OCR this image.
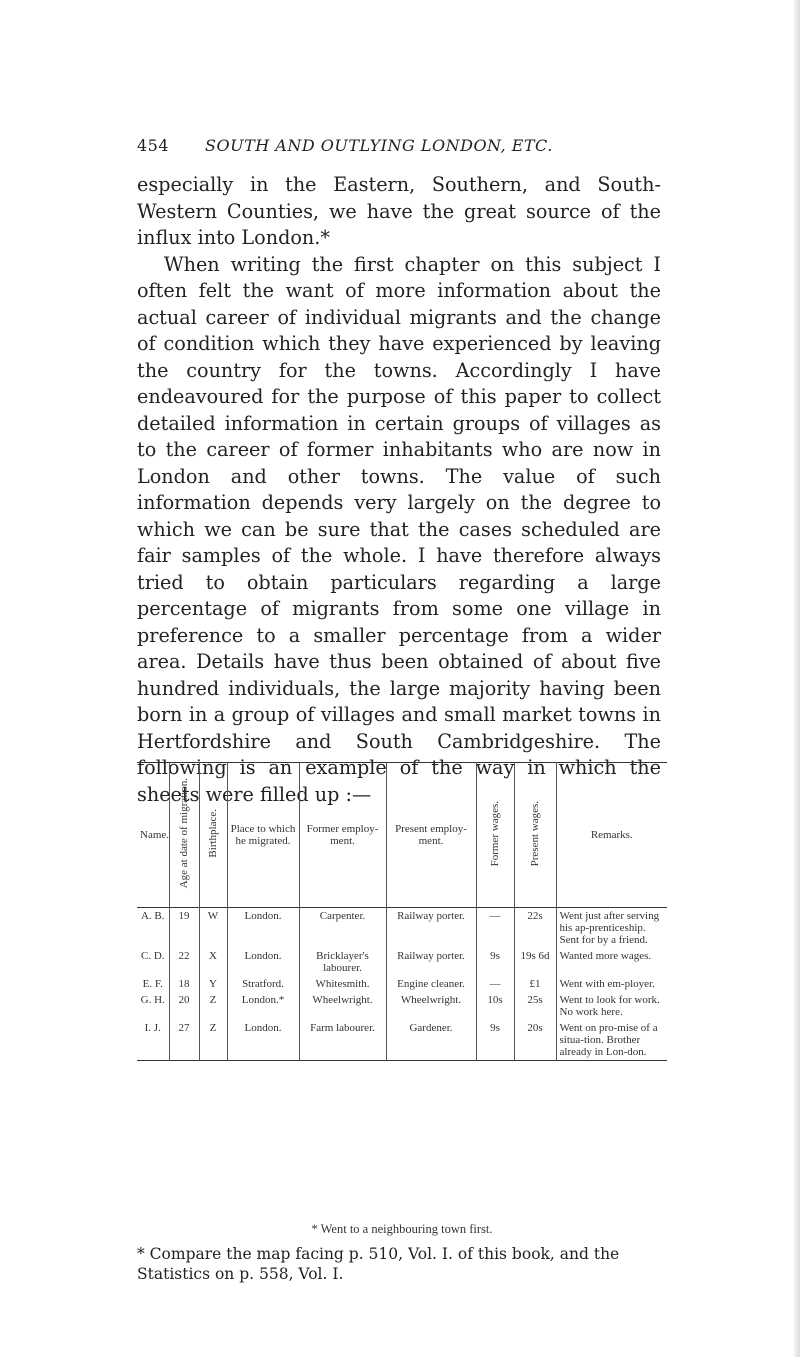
454 SOUTH AND OUTLYING LONDON, ETC.

especially in the Eastern, Southern, and South-Western Counties, we have the great source of the influx into London.*

When writing the first chapter on this subject I often felt the want of more information about the actual career of individual migrants and the change of condition which they have experienced by leaving the country for the towns. Accordingly I have endeavoured for the purpose of this paper to collect detailed information in certain groups of villages as to the career of former inhabitants who are now in London and other towns. The value of such information depends very largely on the degree to which we can be sure that the cases scheduled are fair samples of the whole. I have therefore always tried to obtain particulars regarding a large percentage of migrants from some one village in preference to a smaller percentage from a wider area. Details have thus been obtained of about five hundred individuals, the large majority having been born in a group of villages and small market towns in Hertfordshire and South Cambridgeshire. The following is an example of the way in which the sheets were filled up :—

Name.	Age at date of migration.	Birthplace.	Place to which he migrated.	Former employ-ment.	Present employ-ment.	Former wages.	Present wages.	Remarks.
A. B.	19	W	London.	Carpenter.	Railway porter.	—	22s	Went just after serving his ap-prenticeship. Sent for by a friend.
C. D.	22	X	London.	Bricklayer's labourer.	Railway porter.	9s	19s 6d	Wanted more wages.
E. F.	18	Y	Stratford.	Whitesmith.	Engine cleaner.	—	£1	Went with em-ployer.
G. H.	20	Z	London.*	Wheelwright.	Wheelwright.	10s	25s	Went to look for work. No work here.
I. J.	27	Z	London.	Farm labourer.	Gardener.	9s	20s	Went on pro-mise of a situa-tion. Brother already in Lon-don.
* Went to a neighbouring town first.
* Compare the map facing p. 510, Vol. I. of this book, and the Statistics on p. 558, Vol. I.
